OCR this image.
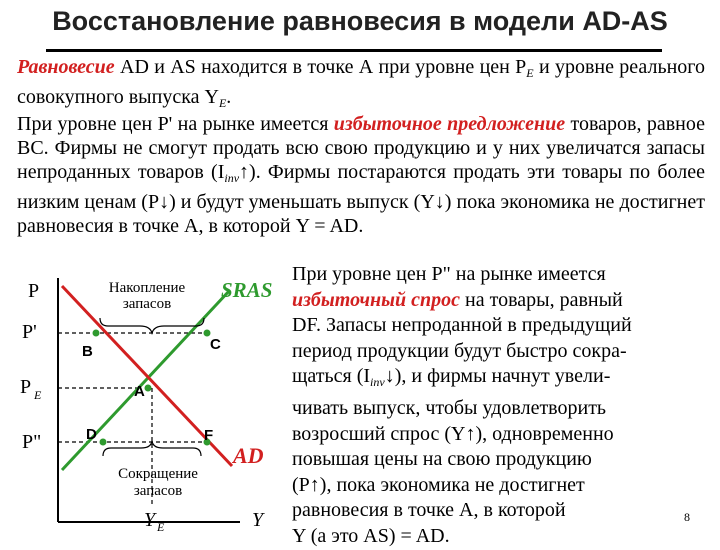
Восстановление равновесия в модели AD-AS
Равновесие AD и AS находится в точке А при уровне цен $P_E$ и уровне реального совокупного выпуска $Y_E$.
При уровне цен P' на рынке имеется избыточное предложение товаров, равное ВС. Фирмы не смогут продать всю свою продукцию и у них увеличатся запасы непроданных товаров $(I_{inv}↑)$. Фирмы постараются продать эти товары по более низким ценам (P↓) и будут уменьшать выпуск (Y↓) пока экономика не достигнет равновесия в точке А, в которой Y = AD.
При уровне цен P" на рынке имеется
избыточный спрос на товары, равный
DF. Запасы непроданной в предыдущий
период продукции будут быстро сокра-
щаться $(I_{inv}↓)$, и фирмы начнут увели-
чивать выпуск, чтобы удовлетворить
возросший спрос (Y↑), одновременно
повышая цены на свою продукцию
(P↑), пока экономика не достигнет
равновесия в точке А, в которой
Y (а это AS) = AD.
P
P'
P E
P"
Y E	Y
SRAS
AD
B	C
A
D	F
Накопление
запасов
Сокращение
запасов
8
